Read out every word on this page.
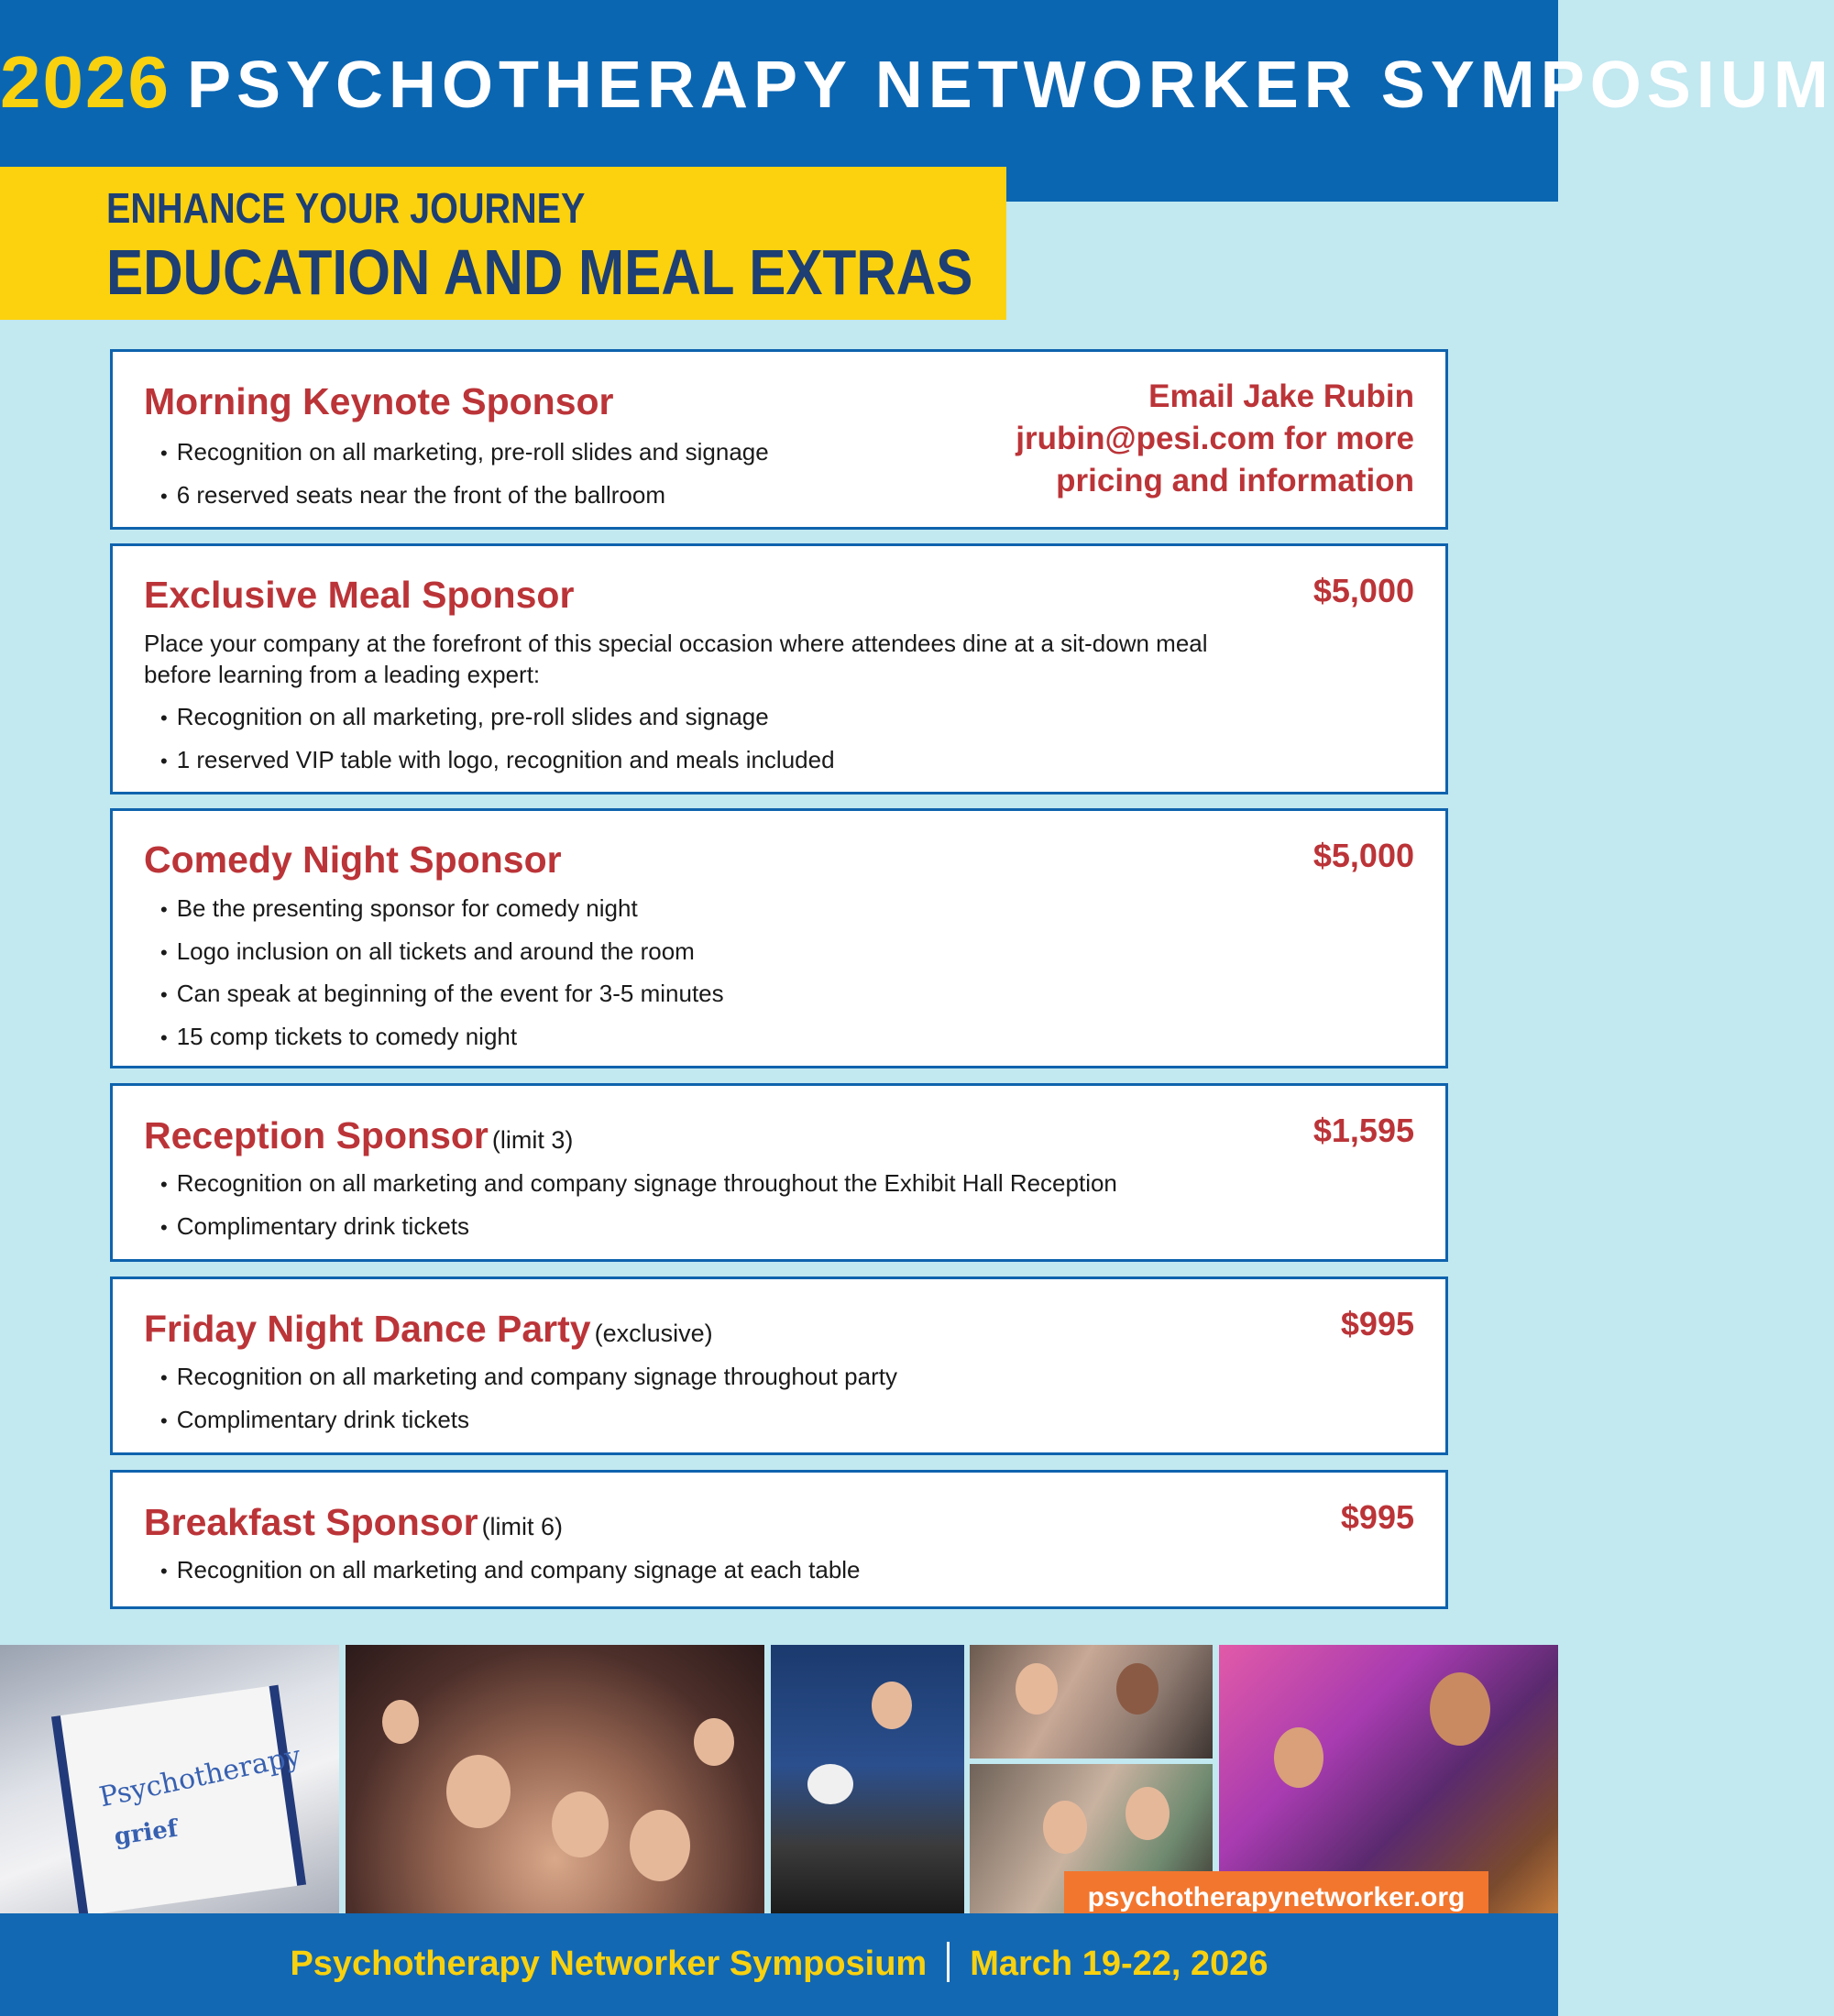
2026 PSYCHOTHERAPY NETWORKER SYMPOSIUM
ENHANCE YOUR JOURNEY
EDUCATION AND MEAL EXTRAS
Morning Keynote Sponsor	Email Jake Rubin
jrubin@pesi.com for more
pricing and information
• Recognition on all marketing, pre-roll slides and signage
• 6 reserved seats near the front of the ballroom
Exclusive Meal Sponsor	$5,000
Place your company at the forefront of this special occasion where attendees dine at a sit-down meal before learning from a leading expert:
• Recognition on all marketing, pre-roll slides and signage
• 1 reserved VIP table with logo, recognition and meals included
Comedy Night Sponsor	$5,000
• Be the presenting sponsor for comedy night
• Logo inclusion on all tickets and around the room
• Can speak at beginning of the event for 3-5 minutes
• 15 comp tickets to comedy night
Reception Sponsor (limit 3)	$1,595
• Recognition on all marketing and company signage throughout the Exhibit Hall Reception
• Complimentary drink tickets
Friday Night Dance Party (exclusive)	$995
• Recognition on all marketing and company signage throughout party
• Complimentary drink tickets
Breakfast Sponsor (limit 6)	$995
• Recognition on all marketing and company signage at each table
Psychotherapy
grief
psychotherapynetworker.org
Psychotherapy Networker Symposium March 19-22, 2026
